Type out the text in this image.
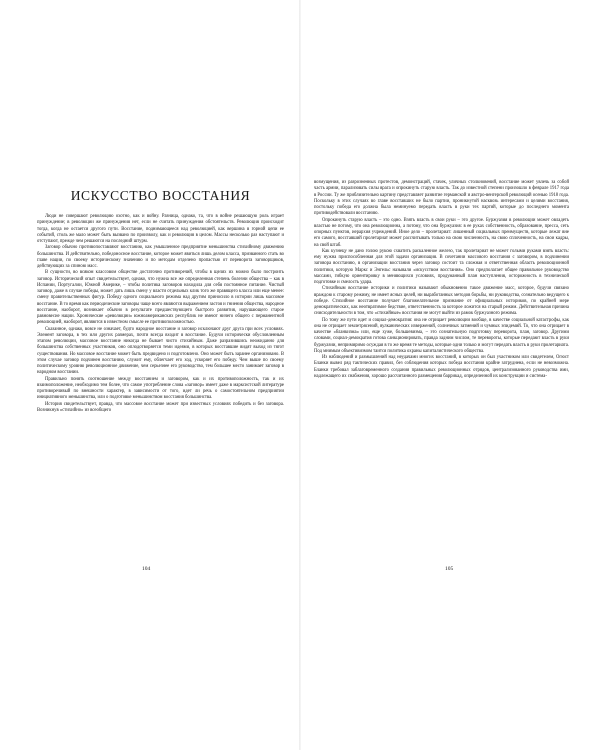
ИСКУССТВО ВОССТАНИЯ

Люди не совершают революцию охотно, как и войну. Разница, однако, та, что в войне решающую роль играет принуждение; в революции же принуждения нет, если не считать принуждения обстоятельств. Революция происходит тогда, когда не остается другого пути. Восстание, поднимающееся над революцией, как вершина в горной цепи ее событий, столь же мало может быть вызвано по произволу, как и революция в целом. Массы несколько раз наступают и отступают, прежде чем решаются на последний штурм.

Заговор обычно противопоставляют восстанию, как умышленное предприятие меньшинства стихийному движению большинства. И действительно, победоносное восстание, которое может явиться лишь делом класса, призванного стать во главе нации, по своему историческому значению и по методам отделено пропастью от переворота заговорщиков, действующих за спиною масс.

В сущности, во всяком классовом обществе достаточно противоречий, чтобы в щелях их можно было построить заговор. Исторический опыт свидетельствует, однако, что нужна все же определенная степень болезни общества – как в Испании, Португалии, Южной Америке, – чтобы политика заговоров находила для себя постоянное питание. Чистый заговор, даже в случае победы, может дать лишь смену у власти отдельных клик того же правящего класса или еще менее: смену правительственных фигур. Победу одного социального режима над другим приносило в истории лишь массовое восстание. В то время как периодические заговоры чаще всего являются выражением застоя и гниения общества, народное восстание, наоборот, возникает обычно в результате предшествующего быстрого развития, нарушающего старое равновесие нации. Хронические «революции» южноамериканских республик не имеют ничего общего с перманентной революцией, наоборот, являются в известном смысле ее противоположностью.

Сказанное, однако, вовсе не означает, будто народное восстание и заговор исключают друг друга при всех условиях. Элемент заговора, в тех или других размерах, почти всегда входит в восстание. Будучи исторически обусловленным этапом революции, массовое восстание никогда не бывает чисто стихийным. Даже разразившись неожиданно для большинства собственных участников, оно оплодотворяется теми идеями, в которых восставшие видят выход из тягот существования. Но массовое восстание может быть предвидено и подготовлено. Оно может быть заранее организовано. В этом случае заговор подчинен восстанию, служит ему, облегчает его ход, ускоряет его победу. Чем выше по своему политическому уровню революционное движение, чем серьезнее его руководство, тем большее место занимает заговор в народном восстании.

Правильно понять соотношение между восстанием и заговором, как и их противоположность, так и их взаимоположение, необходимо тем более, что самое употребление слова «заговор» имеет даже в марксистской литературе противоречивый по внешности характер, в зависимости от того, идет ли речь о самостоятельном предприятии инициативного меньшинства, или о подготовке меньшинством восстания большинства.

История свидетельствует, правда, что массовое восстание может при известных условиях победить и без заговора. Возникнув «стихийно» из всеобщего

104

возмущения, из разрозненных протестов, демонстраций, стачек, уличных столкновений, восстание может увлечь за собой часть армии, парализовать силы врага и опрокинуть старую власть. Так до известной степени произошло в феврале 1917 года в России. Ту же приблизительно картину представляет развитие германской и австро-венгерской революций осенью 1918 года. Поскольку в этих случаях во главе восставших не было партии, проникнутой насквозь интересами и целями восстания, постольку победа его должна была неминуемо передать власть в руки тех партий, которые до последнего момента противодействовали восстанию.

Опрокинуть старую власть – это одно. Взять власть в свои руки – это другое. Буржуазия в революции может овладеть властью не потому, что она революционна, а потому, что она буржуазия: в ее руках собственность, образование, пресса, сеть опорных пунктов, иерархия учреждений. Иное дело – пролетариат: лишенный социальных преимуществ, которые лежат вне его самого, восставший пролетариат может рассчитывать только на свою численность, на свою сплоченность, на свои кадры, на свой штаб.

Как кузнецу не дано голою рукою схватить раскаленное железо, так пролетариат не может голыми руками взять власть: ему нужна приспособленная для этой задачи организация. В сочетании массового восстания с заговором, в подчинении заговора восстанию, в организации восстания через заговор состоит та сложная и ответственная область революционной политики, которую Маркс и Энгельс называли «искусством восстания». Оно предполагает общее правильное руководство массами, гибкую ориентировку в меняющихся условиях, продуманный план наступления, осторожность в технической подготовке и смелость удара.

Стихийным восстание историки и политики называют обыкновенно такое движение масс, которое, будучи связано враждою к старому режиму, не имеет ясных целей, ни выработанных методов борьбы, ни руководства, сознательно ведущего к победе. Стихийное восстание получает благожелательное признание от официальных историков, по крайней мере демократических, как неотвратимое бедствие, ответственность за которое ложится на старый режим. Действительная причина снисходительности в том, что «стихийные» восстания не могут выйти из рамок буржуазного режима.

По тому же пути идет и социал-демократия: она не отрицает революции вообще, в качестве социальной катастрофы, как она не отрицает землетрясений, вулканических извержений, солнечных затмений и чумных эпидемий. То, что она отрицает в качестве «бланкизма» или, еще хуже, большевизма, – это сознательную подготовку переворота, план, заговор. Другими словами, социал-демократия готова санкционировать, правда задним числом, те перевороты, которые передают власть в руки буржуазии, непримиримо осуждая в то же время те методы, которые одни только и могут передать власть в руки пролетариата. Под мнимым объективизмом таится политика охраны капиталистического общества.

Из наблюдений и размышлений над неудачами многих восстаний, в которых он был участником или свидетелем, Огюст Бланки вывел ряд тактических правил, без соблюдения которых победа восстания крайне затруднена, если не невозможна. Бланки требовал заблаговременного создания правильных революционных отрядов, централизованного руководства ими, надлежащего их снабжения, хорошо рассчитанного размещения баррикад, определенной их конструкции и система-

105
